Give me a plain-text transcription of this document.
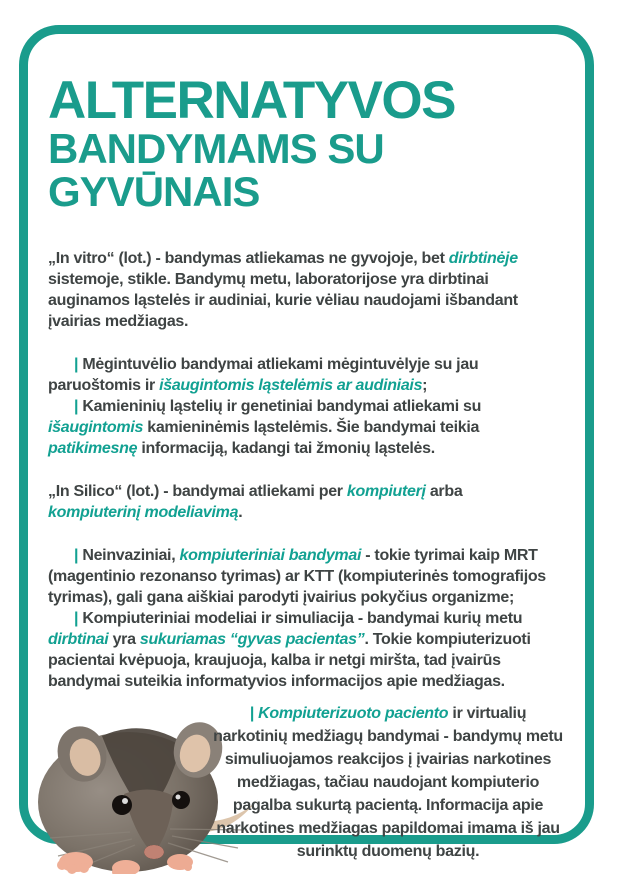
ALTERNATYVOS
BANDYMAMS SU GYVŪNAIS

„In vitro“ (lot.) - bandymas atliekamas ne gyvojoje, bet dirbtinėje
sistemoje, stikle. Bandymų metu, laboratorijose yra dirbtinai
auginamos ląstelės ir audiniai, kurie vėliau naudojami išbandant
įvairias medžiagas.

| Mėgintuvėlio bandymai atliekami mėgintuvėlyje su jau
paruoštomis ir išaugintomis ląstelėmis ar audiniais;

| Kamieninių ląstelių ir genetiniai bandymai atliekami su
išaugintomis kamieninėmis ląstelėmis. Šie bandymai teikia
patikimesnę informaciją, kadangi tai žmonių ląstelės.

„In Silico“ (lot.) - bandymai atliekami per kompiuterį arba
kompiuterinį modeliavimą.

| Neinvaziniai, kompiuteriniai bandymai - tokie tyrimai kaip MRT
(magentinio rezonanso tyrimas) ar KTT (kompiuterinės tomografijos
tyrimas), gali gana aiškiai parodyti įvairius pokyčius organizme;

| Kompiuteriniai modeliai ir simuliacija - bandymai kurių metu
dirbtinai yra sukuriamas “gyvas pacientas”. Tokie kompiuterizuoti
pacientai kvėpuoja, kraujuoja, kalba ir netgi miršta, tad įvairūs
bandymai suteikia informatyvios informacijos apie medžiagas.

| Kompiuterizuoto paciento ir virtualių
narkotinių medžiagų bandymai - bandymų metu
simuliuojamos reakcijos į įvairias narkotines
medžiagas, tačiau naudojant kompiuterio
pagalba sukurtą pacientą. Informacija apie
narkotines medžiagas papildomai imama iš jau
surinktų duomenų bazių.
